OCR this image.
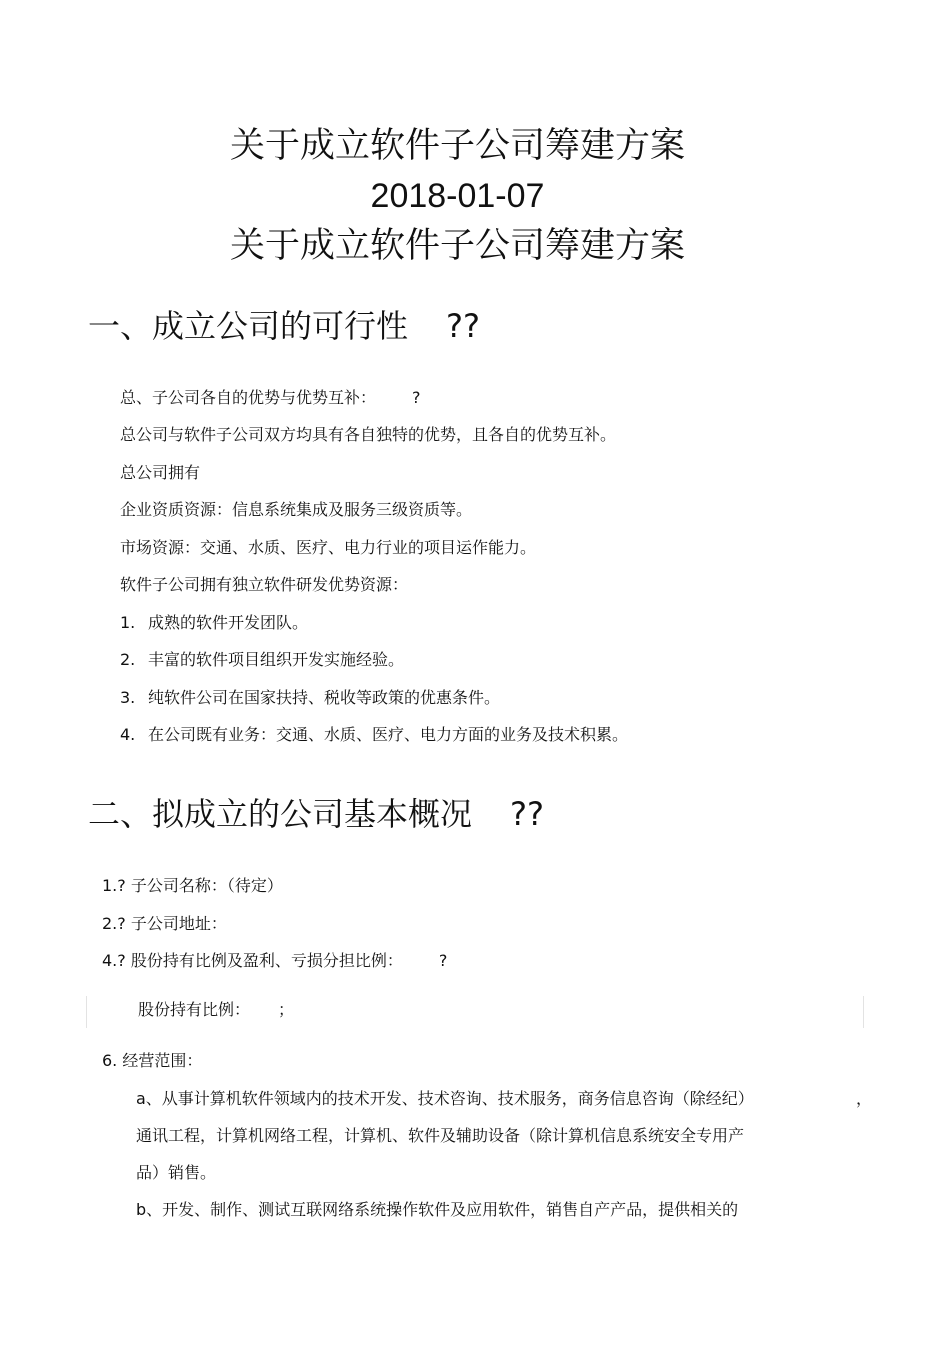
关于成立软件子公司筹建方案
2018-01-07
关于成立软件子公司筹建方案
一、成立公司的可行性 ??
总、子公司各自的优势与优势互补： ?
总公司与软件子公司双方均具有各自独特的优势，且各自的优势互补。
总公司拥有
企业资质资源：信息系统集成及服务三级资质等。
市场资源：交通、水质、医疗、电力行业的项目运作能力。
软件子公司拥有独立软件研发优势资源：
1. 成熟的软件开发团队。
2. 丰富的软件项目组织开发实施经验。
3. 纯软件公司在国家扶持、税收等政策的优惠条件。
4. 在公司既有业务：交通、水质、医疗、电力方面的业务及技术积累。
二、拟成立的公司基本概况 ??
1.? 子公司名称：（待定）
2.? 子公司地址：
4.? 股份持有比例及盈利、亏损分担比例： ?
股份持有比例： ；
6. 经营范围：
a、从事计算机软件领域内的技术开发、技术咨询、技术服务，商务信息咨询（除经纪）	，
通讯工程，计算机网络工程，计算机、软件及辅助设备（除计算机信息系统安全专用产
品）销售。
b、开发、制作、测试互联网络系统操作软件及应用软件，销售自产产品，提供相关的
